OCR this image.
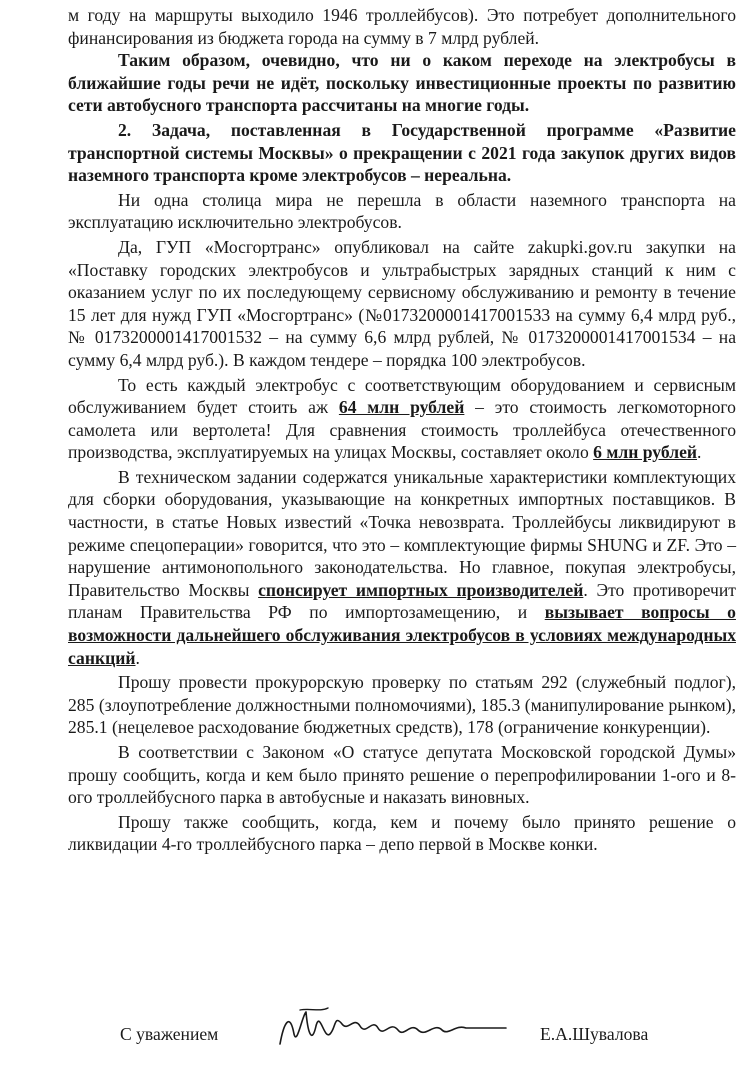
м году на маршруты выходило 1946 троллейбусов). Это потребует дополнительного финансирования из бюджета города на сумму в 7 млрд рублей.

Таким образом, очевидно, что ни о каком переходе на электробусы в ближайшие годы речи не идёт, поскольку инвестиционные проекты по развитию сети автобусного транспорта рассчитаны на многие годы.

2. Задача, поставленная в Государственной программе «Развитие транспортной системы Москвы» о прекращении с 2021 года закупок других видов наземного транспорта кроме электробусов – нереальна.

Ни одна столица мира не перешла в области наземного транспорта на эксплуатацию исключительно электробусов.

Да, ГУП «Мосгортранс» опубликовал на сайте zakupki.gov.ru закупки на «Поставку городских электробусов и ультрабыстрых зарядных станций к ним с оказанием услуг по их последующему сервисному обслуживанию и ремонту в течение 15 лет для нужд ГУП «Мосгортранс» (№0173200001417001533 на сумму 6,4 млрд руб., № 0173200001417001532 – на сумму 6,6 млрд рублей, № 0173200001417001534 – на сумму 6,4 млрд руб.). В каждом тендере – порядка 100 электробусов.

То есть каждый электробус с соответствующим оборудованием и сервисным обслуживанием будет стоить аж 64 млн рублей – это стоимость легкомоторного самолета или вертолета! Для сравнения стоимость троллейбуса отечественного производства, эксплуатируемых на улицах Москвы, составляет около 6 млн рублей.

В техническом задании содержатся уникальные характеристики комплектующих для сборки оборудования, указывающие на конкретных импортных поставщиков. В частности, в статье Новых известий «Точка невозврата. Троллейбусы ликвидируют в режиме спецоперации» говорится, что это – комплектующие фирмы SHUNG и ZF. Это – нарушение антимонопольного законодательства. Но главное, покупая электробусы, Правительство Москвы спонсирует импортных производителей. Это противоречит планам Правительства РФ по импортозамещению, и вызывает вопросы о возможности дальнейшего обслуживания электробусов в условиях международных санкций.

Прошу провести прокурорскую проверку по статьям 292 (служебный подлог), 285 (злоупотребление должностными полномочиями), 185.3 (манипулирование рынком), 285.1 (нецелевое расходование бюджетных средств), 178 (ограничение конкуренции).

В соответствии с Законом «О статусе депутата Московской городской Думы» прошу сообщить, когда и кем было принято решение о перепрофилировании 1-ого и 8-ого троллейбусного парка в автобусные и наказать виновных.

Прошу также сообщить, когда, кем и почему было принято решение о ликвидации 4-го троллейбусного парка – депо первой в Москве конки.

С уважением	Е.А.Шувалова
